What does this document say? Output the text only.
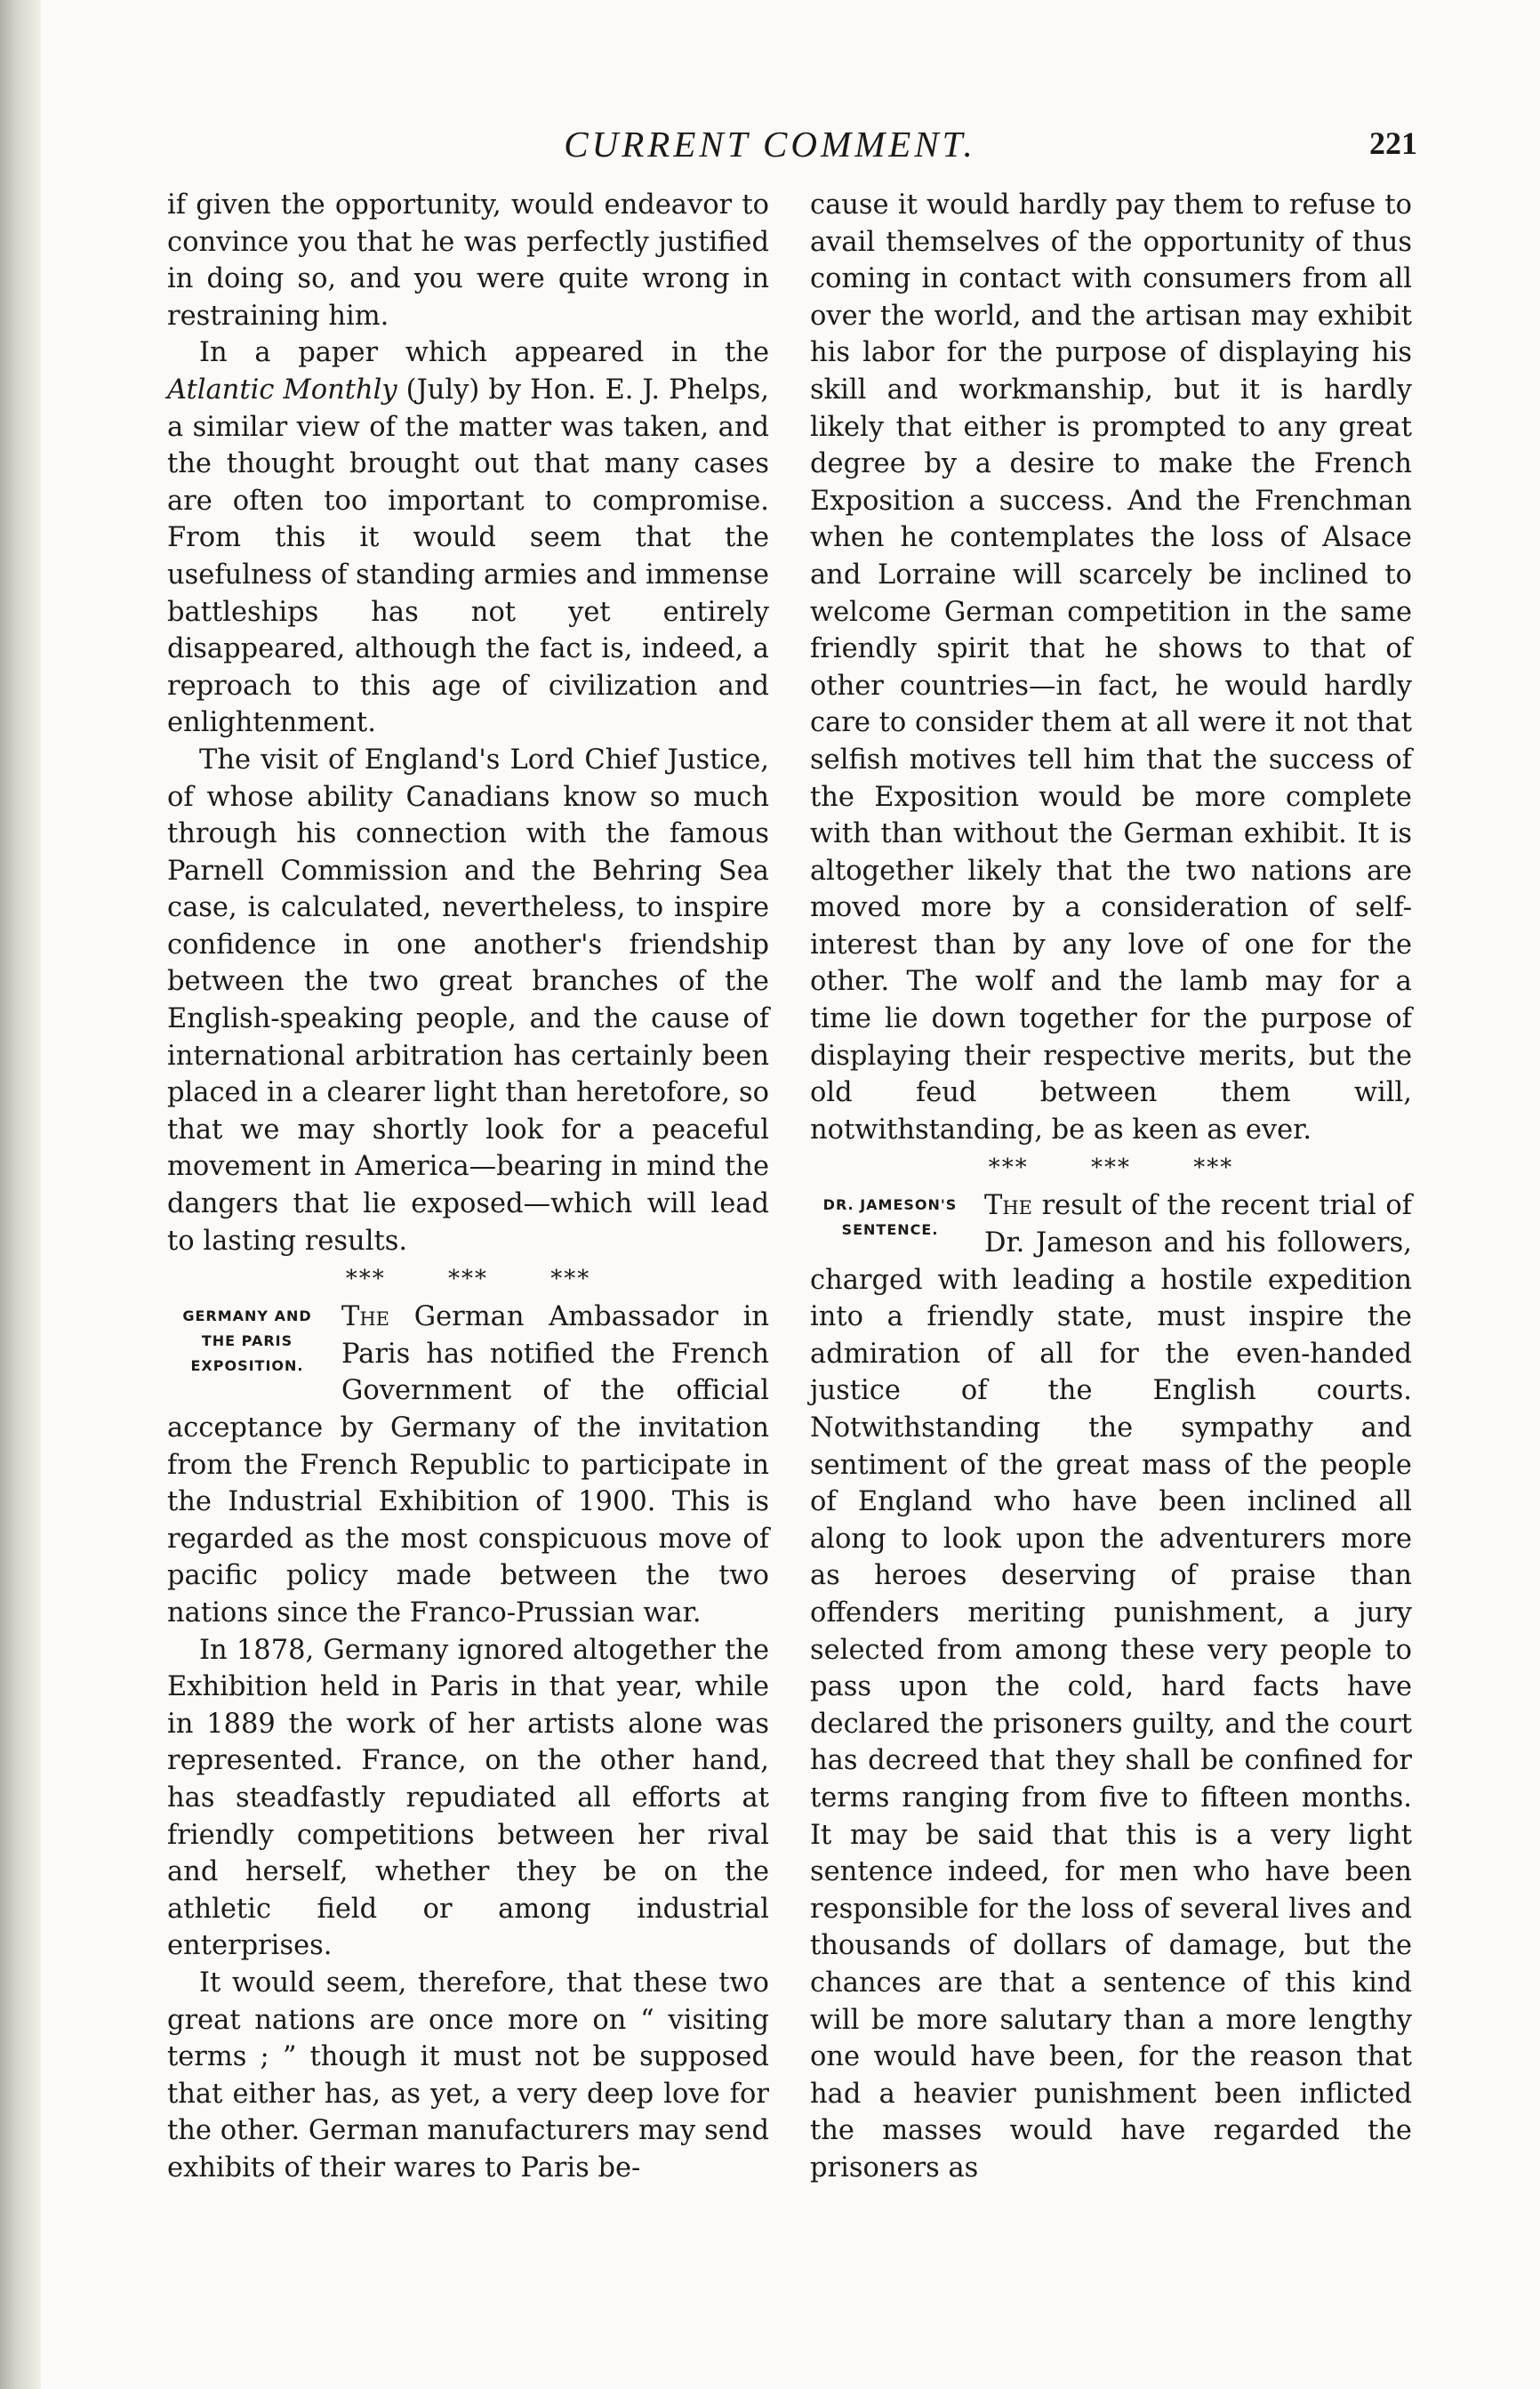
CURRENT COMMENT.	221

if given the opportunity, would endeavor to convince you that he was perfectly justified in doing so, and you were quite wrong in restraining him.

In a paper which appeared in the Atlantic Monthly (July) by Hon. E. J. Phelps, a similar view of the matter was taken, and the thought brought out that many cases are often too important to compromise. From this it would seem that the usefulness of standing armies and immense battleships has not yet entirely disappeared, although the fact is, indeed, a reproach to this age of civilization and enlightenment.

The visit of England's Lord Chief Justice, of whose ability Canadians know so much through his connection with the famous Parnell Commission and the Behring Sea case, is calculated, nevertheless, to inspire confidence in one another's friendship between the two great branches of the English-speaking people, and the cause of international arbitration has certainly been placed in a clearer light than heretofore, so that we may shortly look for a peaceful movement in America—bearing in mind the dangers that lie exposed—which will lead to lasting results.

*** *** ***
GERMANY AND
THE PARIS
EXPOSITION.

The German Ambassador in Paris has notified the French Government of the official acceptance by Germany of the invitation from the French Republic to participate in the Industrial Exhibition of 1900. This is regarded as the most conspicuous move of pacific policy made between the two nations since the Franco-Prussian war.

In 1878, Germany ignored altogether the Exhibition held in Paris in that year, while in 1889 the work of her artists alone was represented. France, on the other hand, has steadfastly repudiated all efforts at friendly competitions between her rival and herself, whether they be on the athletic field or among industrial enterprises.

It would seem, therefore, that these two great nations are once more on “ visiting terms ; ” though it must not be supposed that either has, as yet, a very deep love for the other. German manufacturers may send exhibits of their wares to Paris be-

cause it would hardly pay them to refuse to avail themselves of the opportunity of thus coming in contact with consumers from all over the world, and the artisan may exhibit his labor for the purpose of displaying his skill and workmanship, but it is hardly likely that either is prompted to any great degree by a desire to make the French Exposition a success. And the Frenchman when he contemplates the loss of Alsace and Lorraine will scarcely be inclined to welcome German competition in the same friendly spirit that he shows to that of other countries—in fact, he would hardly care to consider them at all were it not that selfish motives tell him that the success of the Exposition would be more complete with than without the German exhibit. It is altogether likely that the two nations are moved more by a consideration of self-interest than by any love of one for the other. The wolf and the lamb may for a time lie down together for the purpose of displaying their respective merits, but the old feud between them will, notwithstanding, be as keen as ever.

*** *** ***
DR. JAMESON'S
SENTENCE.

The result of the recent trial of Dr. Jameson and his followers, charged with leading a hostile expedition into a friendly state, must inspire the admiration of all for the even-handed justice of the English courts. Notwithstanding the sympathy and sentiment of the great mass of the people of England who have been inclined all along to look upon the adventurers more as heroes deserving of praise than offenders meriting punishment, a jury selected from among these very people to pass upon the cold, hard facts have declared the prisoners guilty, and the court has decreed that they shall be confined for terms ranging from five to fifteen months. It may be said that this is a very light sentence indeed, for men who have been responsible for the loss of several lives and thousands of dollars of damage, but the chances are that a sentence of this kind will be more salutary than a more lengthy one would have been, for the reason that had a heavier punishment been inflicted the masses would have regarded the prisoners as
